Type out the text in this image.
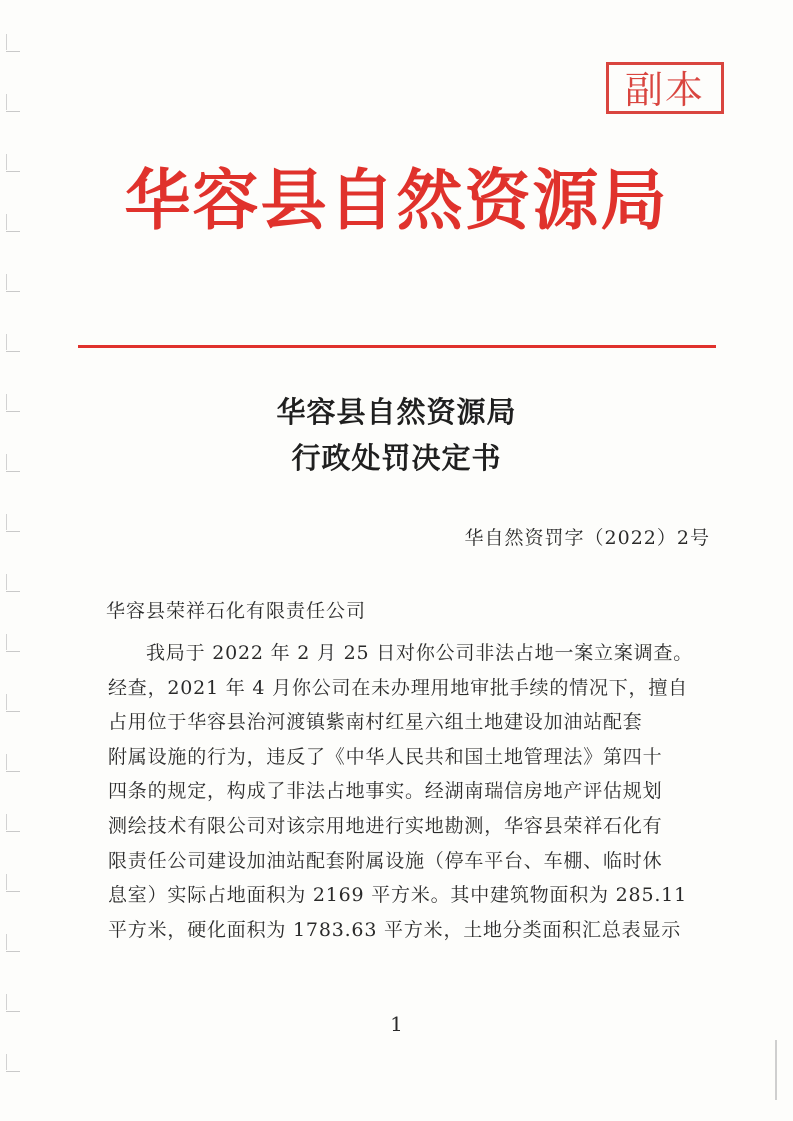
副本
华容县自然资源局
华容县自然资源局
行政处罚决定书
华自然资罚字（2022）2号
华容县荣祥石化有限责任公司
我局于 2022 年 2 月 25 日对你公司非法占地一案立案调查。
经查，2021 年 4 月你公司在未办理用地审批手续的情况下，擅自
占用位于华容县治河渡镇紫南村红星六组土地建设加油站配套
附属设施的行为，违反了《中华人民共和国土地管理法》第四十
四条的规定，构成了非法占地事实。经湖南瑞信房地产评估规划
测绘技术有限公司对该宗用地进行实地勘测，华容县荣祥石化有
限责任公司建设加油站配套附属设施（停车平台、车棚、临时休
息室）实际占地面积为 2169 平方米。其中建筑物面积为 285.11
平方米，硬化面积为 1783.63 平方米，土地分类面积汇总表显示
1
